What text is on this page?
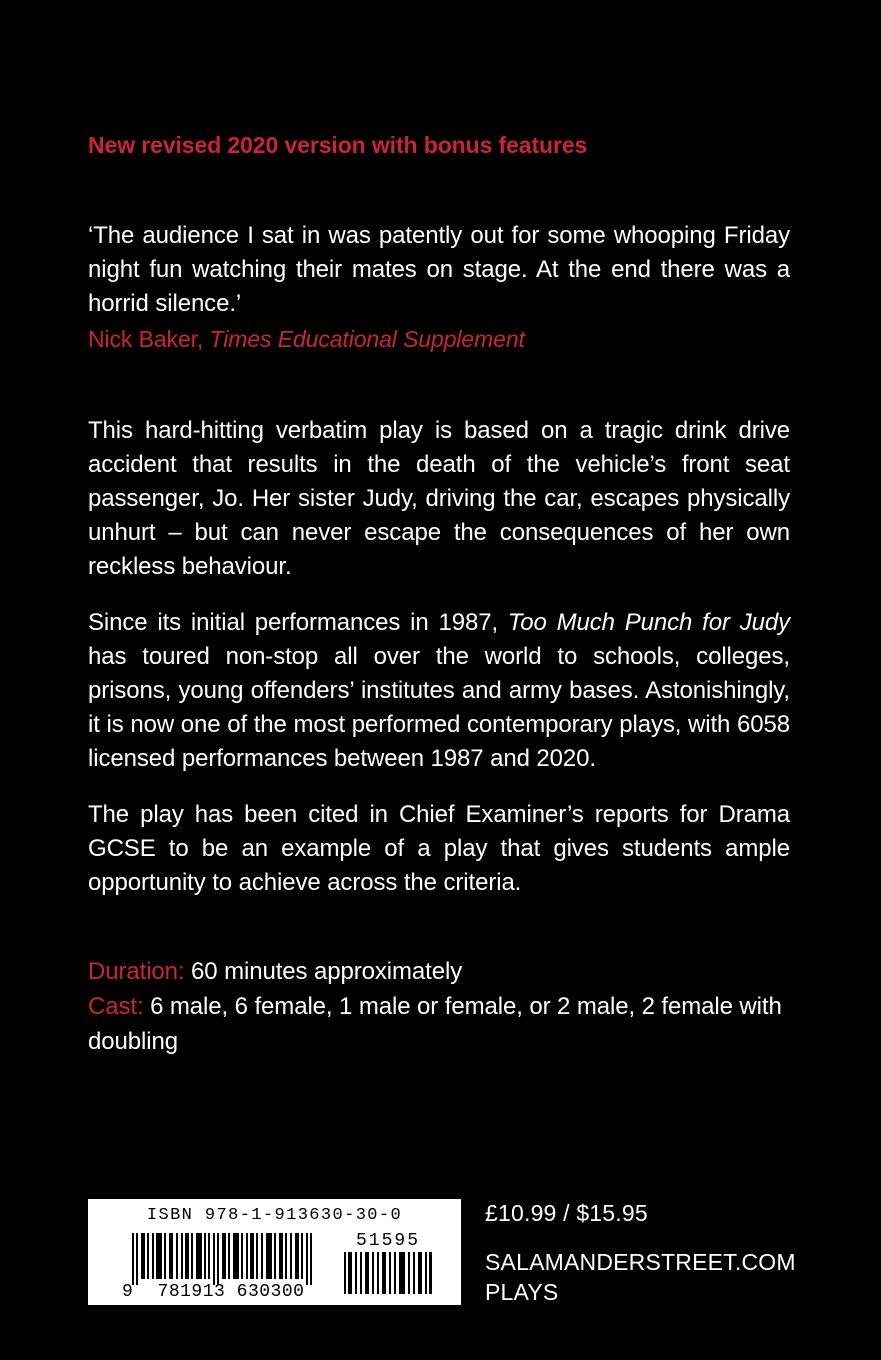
New revised 2020 version with bonus features

‘The audience I sat in was patently out for some whooping Friday night fun watching their mates on stage. At the end there was a horrid silence.’

Nick Baker, Times Educational Supplement

This hard-hitting verbatim play is based on a tragic drink drive accident that results in the death of the vehicle’s front seat passenger, Jo. Her sister Judy, driving the car, escapes physically unhurt – but can never escape the consequences of her own reckless behaviour.

Since its initial performances in 1987, Too Much Punch for Judy has toured non-stop all over the world to schools, colleges, prisons, young offenders’ institutes and army bases. Astonishingly, it is now one of the most performed contemporary plays, with 6058 licensed performances between 1987 and 2020.

The play has been cited in Chief Examiner’s reports for Drama GCSE to be an example of a play that gives students ample opportunity to achieve across the criteria.

Duration: 60 minutes approximately
Cast: 6 male, 6 female, 1 male or female, or 2 male, 2 female with doubling
ISBN 978-1-913630-30-0
9	781913 630300
51595
£10.99 / $15.95
SALAMANDERSTREET.COM
PLAYS
